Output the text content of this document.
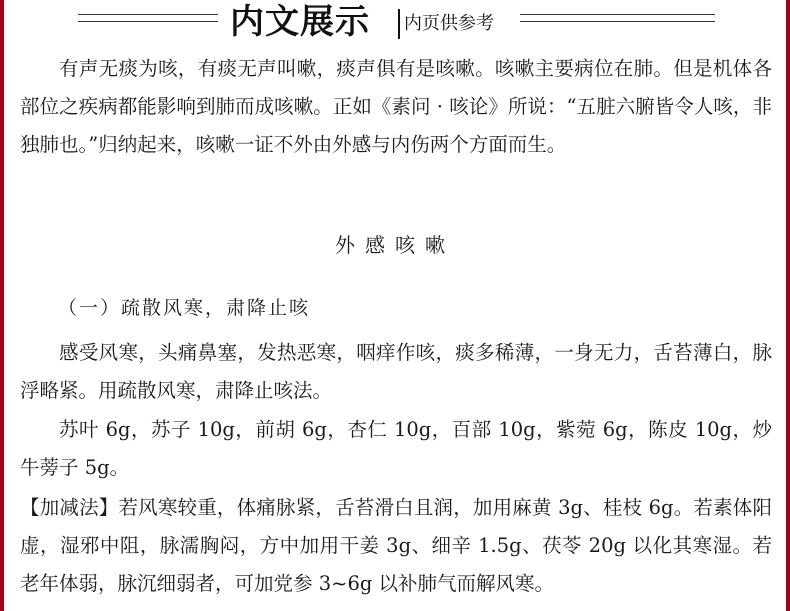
内文展示 内页供参考

有声无痰为咳，有痰无声叫嗽，痰声俱有是咳嗽。咳嗽主要病位在肺。但是机体各部位之疾病都能影响到肺而成咳嗽。正如《素问 · 咳论》所说：“五脏六腑皆令人咳，非独肺也。”归纳起来，咳嗽一证不外由外感与内伤两个方面而生。

外感咳嗽
（一）疏散风寒，肃降止咳

感受风寒，头痛鼻塞，发热恶寒，咽痒作咳，痰多稀薄，一身无力，舌苔薄白，脉浮略紧。用疏散风寒，肃降止咳法。

苏叶 6g，苏子 10g，前胡 6g，杏仁 10g，百部 10g，紫菀 6g，陈皮 10g，炒牛蒡子 5g。

【加减法】若风寒较重，体痛脉紧，舌苔滑白且润，加用麻黄 3g、桂枝 6g。若素体阳虚，湿邪中阻，脉濡胸闷，方中加用干姜 3g、细辛 1.5g、茯苓 20g 以化其寒湿。若老年体弱，脉沉细弱者，可加党参 3~6g 以补肺气而解风寒。
